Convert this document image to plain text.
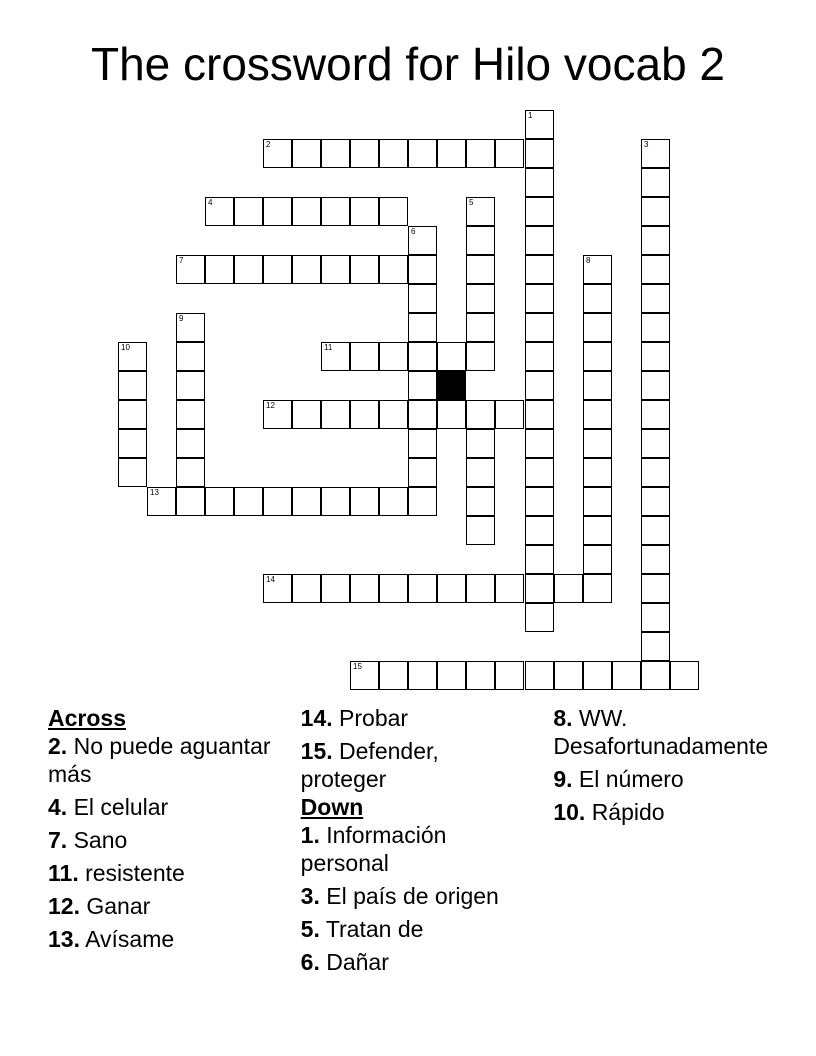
The crossword for Hilo vocab 2
1
2	3
4	5
6
7	8
9
10	11
12
13
14
15

Across

2. No puede aguantar más

4. El celular

7. Sano

11. resistente

12. Ganar

13. Avísame

14. Probar

15. Defender, proteger

Down

1. Información personal

3. El país de origen

5. Tratan de

6. Dañar

8. WW. Desafortunadamente

9. El número

10. Rápido
